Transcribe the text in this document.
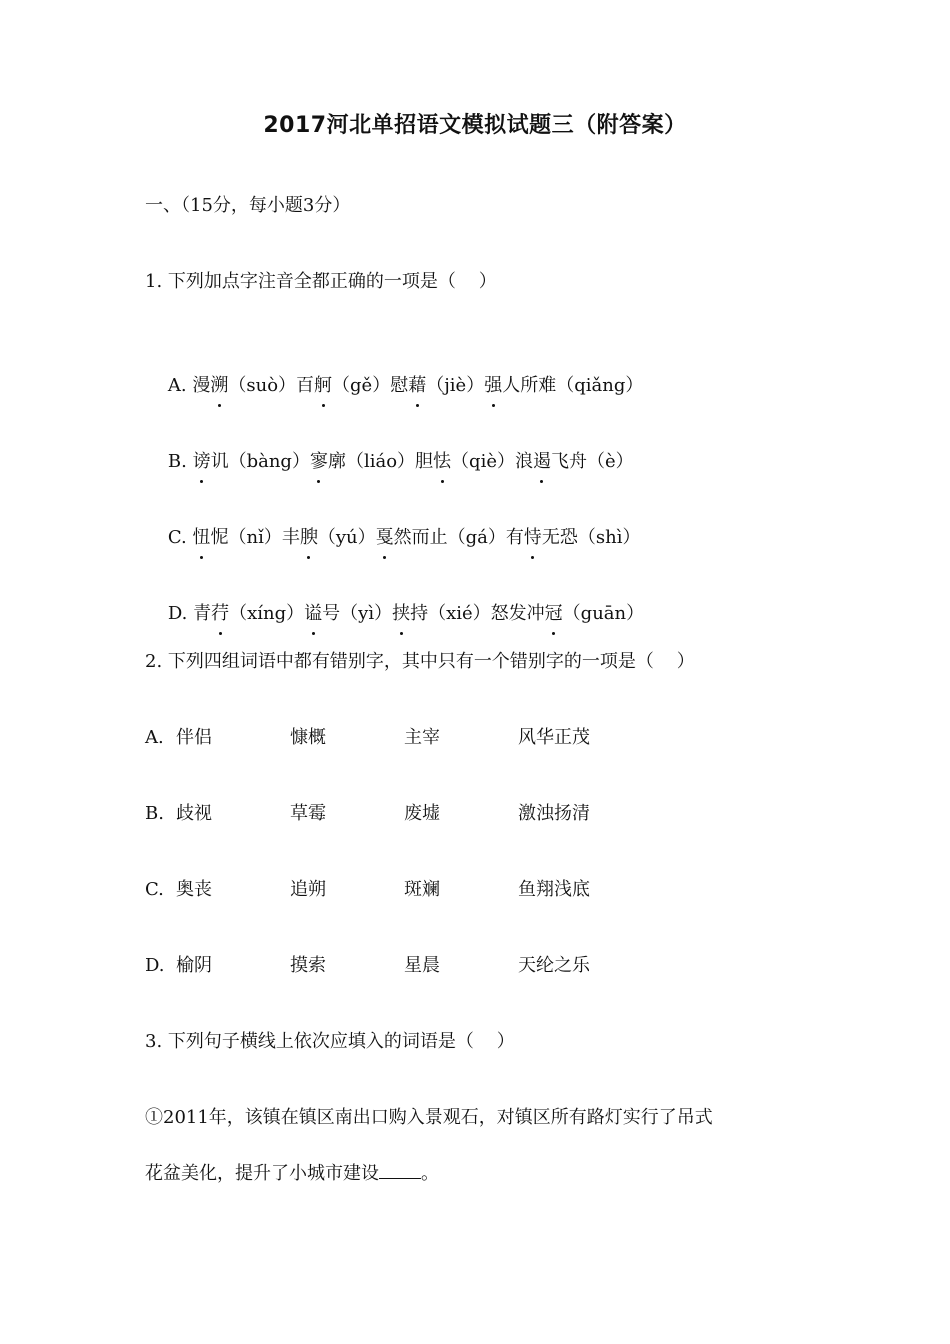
2017河北单招语文模拟试题三（附答案）
一、（15分，每小题3分）
1. 下列加点字注音全都正确的一项是（    ）

A. 漫溯（suò）百舸（gě）慰藉（jiè）强人所难（qiǎng）

B. 谤讥（bàng）寥廓（liáo）胆怯（qiè）浪遏飞舟（è）

C. 忸怩（nǐ）丰腴（yú）戛然而止（gá）有恃无恐（shì）

D. 青荇（xíng）谥号（yì）挟持（xié）怒发冲冠（guān）

2. 下列四组词语中都有错别字，其中只有一个错别字的一项是（    ）
A. 伴侣	慷概	主宰	风华正茂
B. 歧视	草霉	废墟	激浊扬清
C. 奥丧	追朔	斑斓	鱼翔浅底
D. 榆阴	摸索	星晨	天纶之乐
3. 下列句子横线上依次应填入的词语是（    ）
①2011年，该镇在镇区南出口购入景观石，对镇区所有路灯实行了吊式
花盆美化，提升了小城市建设 。
